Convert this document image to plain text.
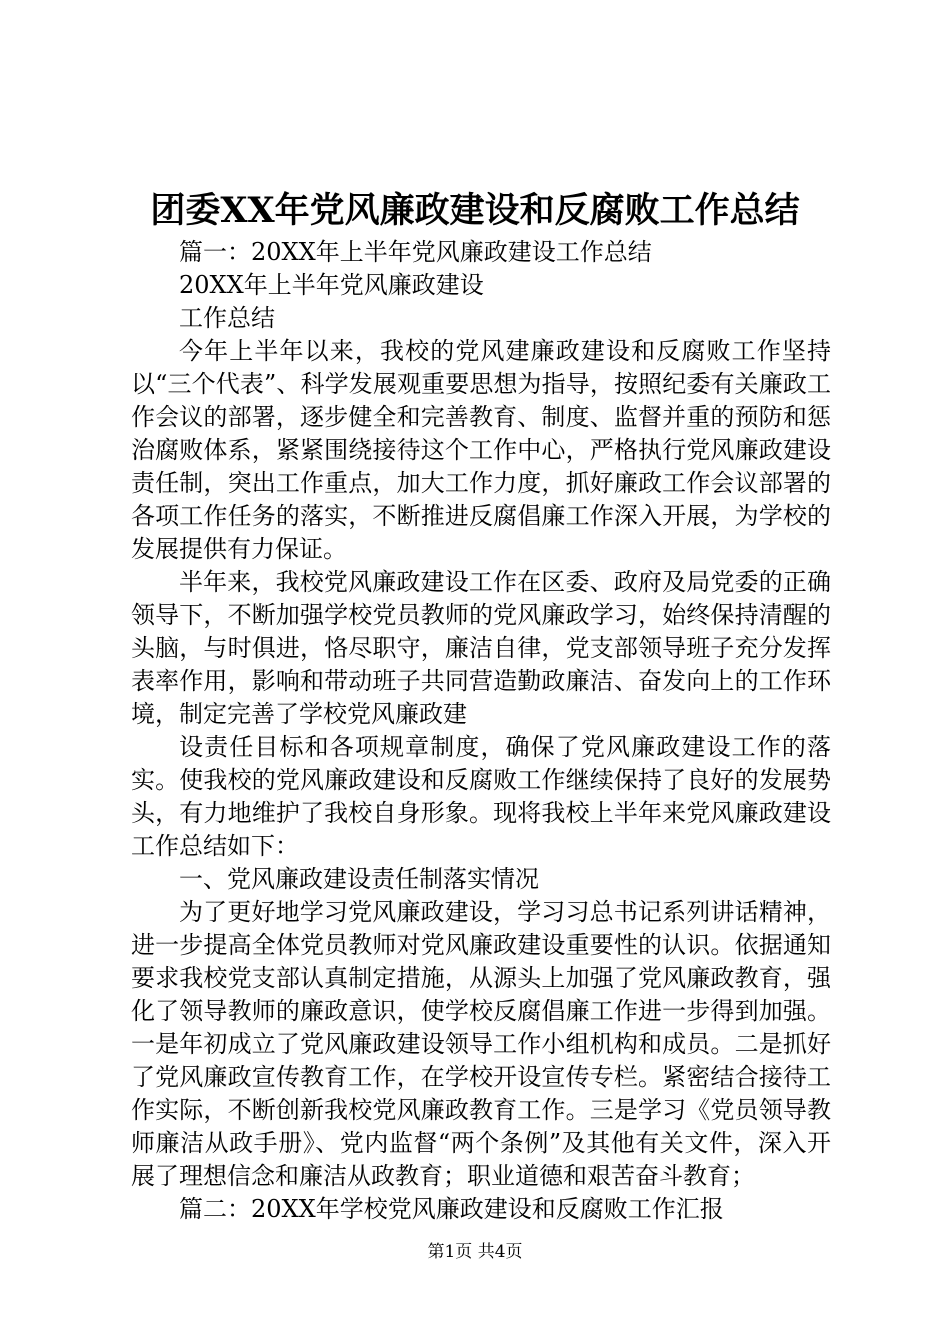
团委XX年党风廉政建设和反腐败工作总结

篇一：20XX年上半年党风廉政建设工作总结

20XX年上半年党风廉政建设

工作总结

今年上半年以来，我校的党风建廉政建设和反腐败工作坚持以“三个代表”、科学发展观重要思想为指导，按照纪委有关廉政工作会议的部署，逐步健全和完善教育、制度、监督并重的预防和惩治腐败体系，紧紧围绕接待这个工作中心，严格执行党风廉政建设责任制，突出工作重点，加大工作力度，抓好廉政工作会议部署的各项工作任务的落实，不断推进反腐倡廉工作深入开展，为学校的发展提供有力保证。

半年来，我校党风廉政建设工作在区委、政府及局党委的正确领导下，不断加强学校党员教师的党风廉政学习，始终保持清醒的头脑，与时俱进，恪尽职守，廉洁自律，党支部领导班子充分发挥表率作用，影响和带动班子共同营造勤政廉洁、奋发向上的工作环境，制定完善了学校党风廉政建

设责任目标和各项规章制度，确保了党风廉政建设工作的落实。使我校的党风廉政建设和反腐败工作继续保持了良好的发展势头，有力地维护了我校自身形象。现将我校上半年来党风廉政建设工作总结如下：

一、党风廉政建设责任制落实情况

为了更好地学习党风廉政建设，学习习总书记系列讲话精神，进一步提高全体党员教师对党风廉政建设重要性的认识。依据通知要求我校党支部认真制定措施，从源头上加强了党风廉政教育，强化了领导教师的廉政意识，使学校反腐倡廉工作进一步得到加强。一是年初成立了党风廉政建设领导工作小组机构和成员。二是抓好了党风廉政宣传教育工作，在学校开设宣传专栏。紧密结合接待工作实际，不断创新我校党风廉政教育工作。三是学习《党员领导教师廉洁从政手册》、党内监督“两个条例”及其他有关文件，深入开展了理想信念和廉洁从政教育；职业道德和艰苦奋斗教育；

篇二：20XX年学校党风廉政建设和反腐败工作汇报

第1页 共4页
